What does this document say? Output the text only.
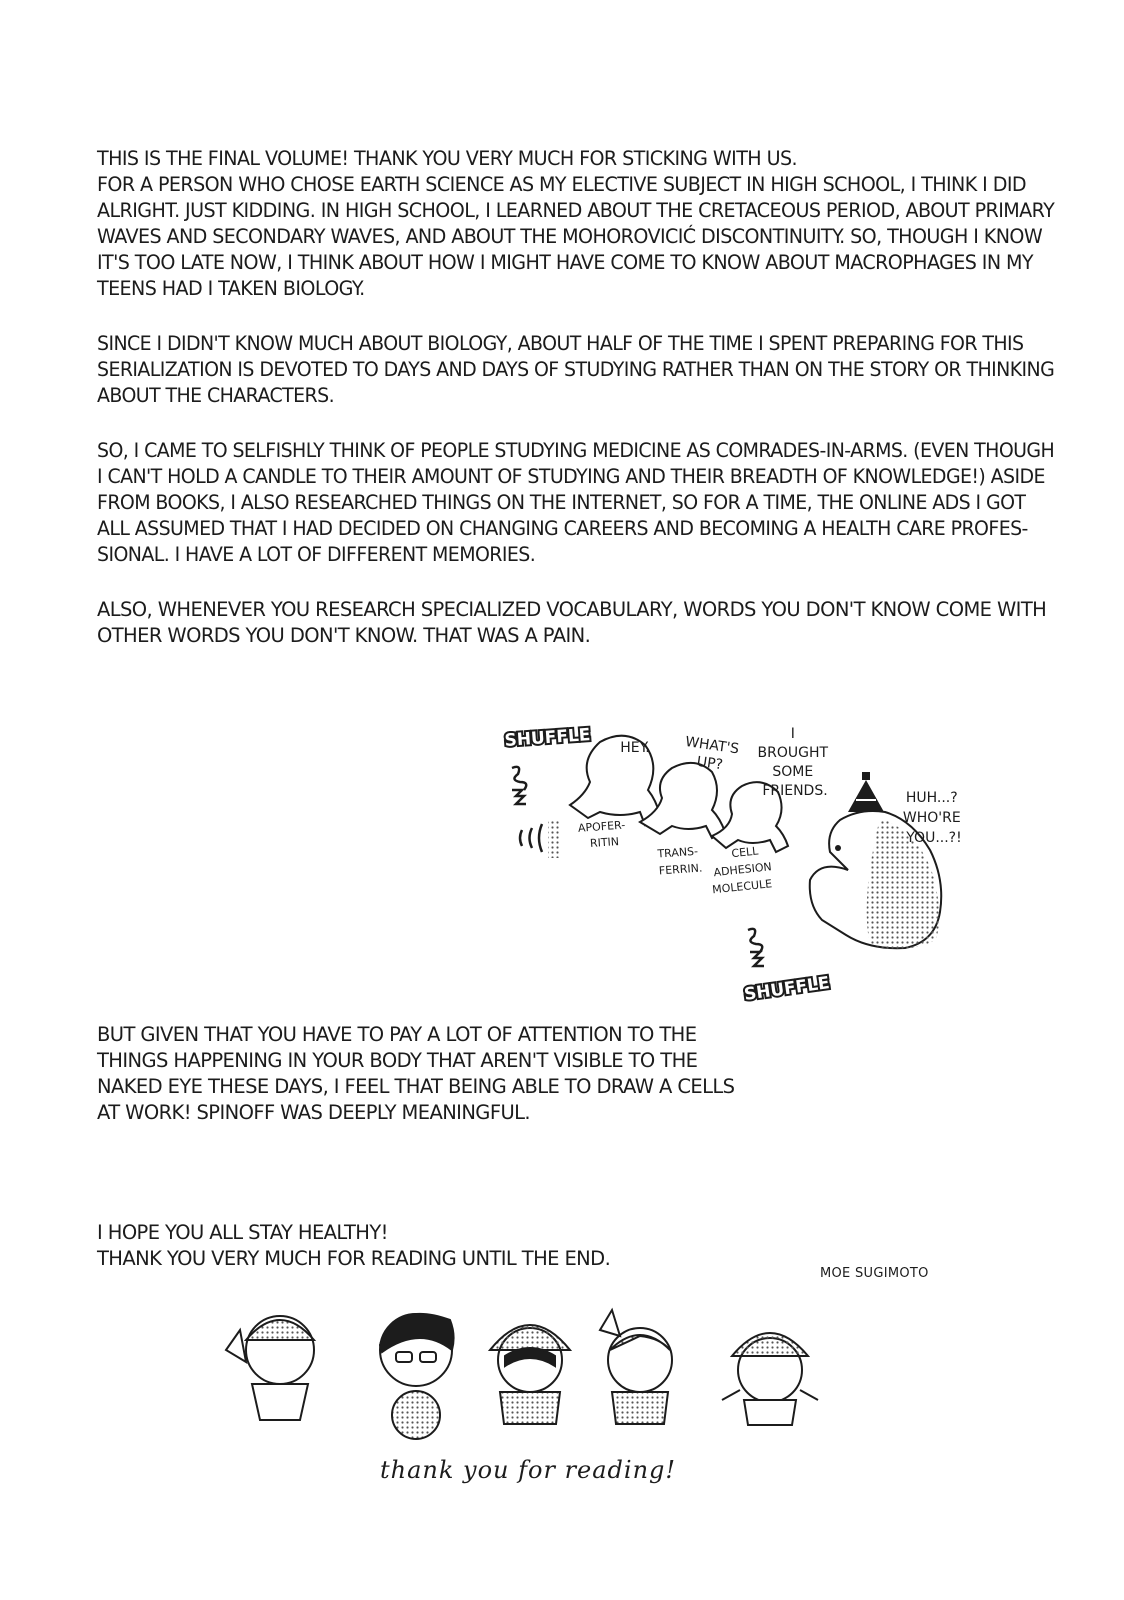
THIS IS THE FINAL VOLUME! THANK YOU VERY MUCH FOR STICKING WITH US.
FOR A PERSON WHO CHOSE EARTH SCIENCE AS MY ELECTIVE SUBJECT IN HIGH SCHOOL, I THINK I DID
ALRIGHT. JUST KIDDING. IN HIGH SCHOOL, I LEARNED ABOUT THE CRETACEOUS PERIOD, ABOUT PRIMARY
WAVES AND SECONDARY WAVES, AND ABOUT THE MOHOROVICIĆ DISCONTINUITY. SO, THOUGH I KNOW
IT'S TOO LATE NOW, I THINK ABOUT HOW I MIGHT HAVE COME TO KNOW ABOUT MACROPHAGES IN MY
TEENS HAD I TAKEN BIOLOGY.
SINCE I DIDN'T KNOW MUCH ABOUT BIOLOGY, ABOUT HALF OF THE TIME I SPENT PREPARING FOR THIS
SERIALIZATION IS DEVOTED TO DAYS AND DAYS OF STUDYING RATHER THAN ON THE STORY OR THINKING
ABOUT THE CHARACTERS.
SO, I CAME TO SELFISHLY THINK OF PEOPLE STUDYING MEDICINE AS COMRADES-IN-ARMS. (EVEN THOUGH
I CAN'T HOLD A CANDLE TO THEIR AMOUNT OF STUDYING AND THEIR BREADTH OF KNOWLEDGE!) ASIDE
FROM BOOKS, I ALSO RESEARCHED THINGS ON THE INTERNET, SO FOR A TIME, THE ONLINE ADS I GOT
ALL ASSUMED THAT I HAD DECIDED ON CHANGING CAREERS AND BECOMING A HEALTH CARE PROFES-
SIONAL. I HAVE A LOT OF DIFFERENT MEMORIES.
ALSO, WHENEVER YOU RESEARCH SPECIALIZED VOCABULARY, WORDS YOU DON'T KNOW COME WITH
OTHER WORDS YOU DON'T KNOW. THAT WAS A PAIN.
BUT GIVEN THAT YOU HAVE TO PAY A LOT OF ATTENTION TO THE
THINGS HAPPENING IN YOUR BODY THAT AREN'T VISIBLE TO THE
NAKED EYE THESE DAYS, I FEEL THAT BEING ABLE TO DRAW A CELLS
AT WORK! SPINOFF WAS DEEPLY MEANINGFUL.
I HOPE YOU ALL STAY HEALTHY!
THANK YOU VERY MUCH FOR READING UNTIL THE END.
MOE SUGIMOTO
SHUFFLE
SHUFFLE
HEY. WHAT'S UP?
I BROUGHT SOME FRIENDS.	HUH...? WHO'RE YOU...?!
APOFER- RITIN
TRANS- FERRIN.
CELL ADHESION MOLECULE
thank you for reading!
